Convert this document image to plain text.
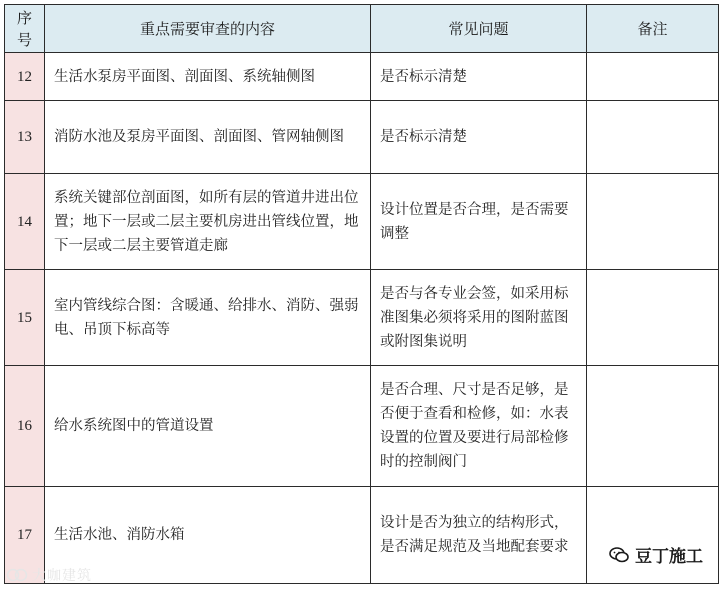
序
号	重点需要审查的内容	常见问题	备注
12	生活水泵房平面图、剖面图、系统轴侧图	是否标示清楚	
13	消防水池及泵房平面图、剖面图、管网轴侧图	是否标示清楚	
14	系统关键部位剖面图，如所有层的管道井进出位置；地下一层或二层主要机房进出管线位置，地下一层或二层主要管道走廊	设计位置是否合理，是否需要调整	
15	室内管线综合图：含暖通、给排水、消防、强弱电、吊顶下标高等	是否与各专业会签，如采用标准图集必须将采用的图附蓝图或附图集说明	
16	给水系统图中的管道设置	是否合理、尺寸是否足够，是否便于查看和检修，如：水表设置的位置及要进行局部检修时的控制阀门	
17	生活水池、消防水箱	设计是否为独立的结构形式，是否满足规范及当地配套要求		豆丁施工
大咖建筑
